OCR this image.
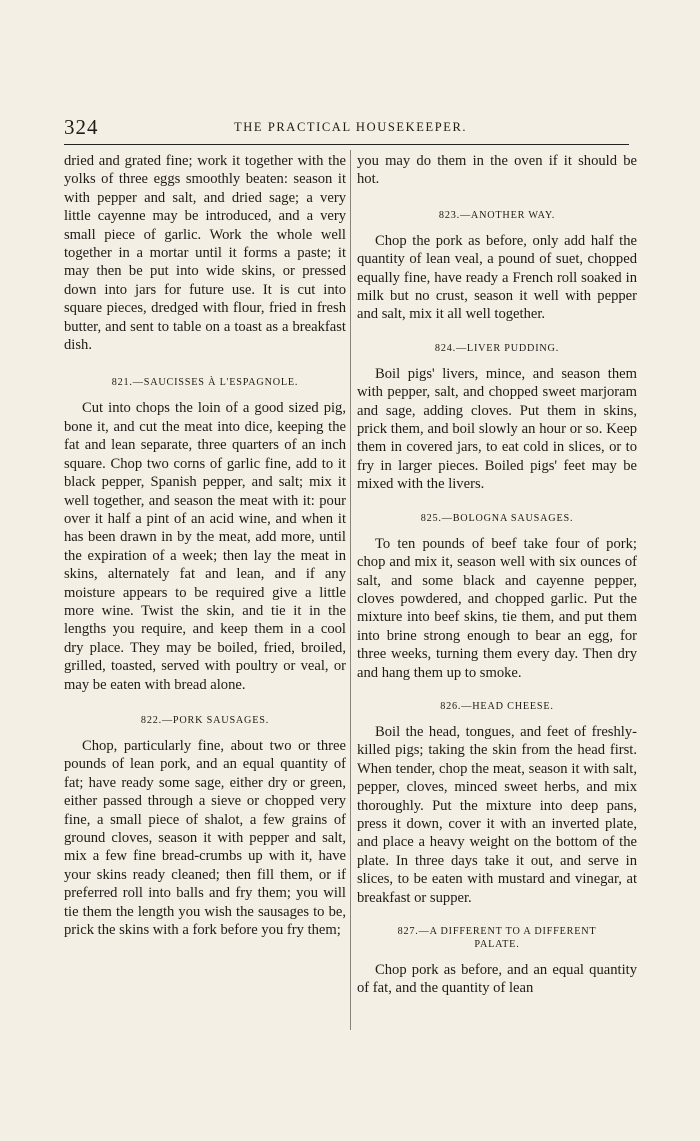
324	THE PRACTICAL HOUSEKEEPER.

dried and grated fine; work it together with the yolks of three eggs smoothly beaten: season it with pepper and salt, and dried sage; a very little cayenne may be introduced, and a very small piece of garlic. Work the whole well together in a mortar until it forms a paste; it may then be put into wide skins, or pressed down into jars for future use. It is cut into square pieces, dredged with flour, fried in fresh butter, and sent to table on a toast as a breakfast dish.

821.—SAUCISSES À L'ESPAGNOLE.

Cut into chops the loin of a good sized pig, bone it, and cut the meat into dice, keeping the fat and lean separate, three quarters of an inch square. Chop two corns of garlic fine, add to it black pepper, Spanish pepper, and salt; mix it well together, and season the meat with it: pour over it half a pint of an acid wine, and when it has been drawn in by the meat, add more, until the expiration of a week; then lay the meat in skins, alternately fat and lean, and if any moisture appears to be required give a little more wine. Twist the skin, and tie it in the lengths you require, and keep them in a cool dry place. They may be boiled, fried, broiled, grilled, toasted, served with poultry or veal, or may be eaten with bread alone.

822.—PORK SAUSAGES.

Chop, particularly fine, about two or three pounds of lean pork, and an equal quantity of fat; have ready some sage, either dry or green, either passed through a sieve or chopped very fine, a small piece of shalot, a few grains of ground cloves, season it with pepper and salt, mix a few fine bread-crumbs up with it, have your skins ready cleaned; then fill them, or if preferred roll into balls and fry them; you will tie them the length you wish the sausages to be, prick the skins with a fork before you fry them;

you may do them in the oven if it should be hot.

823.—ANOTHER WAY.

Chop the pork as before, only add half the quantity of lean veal, a pound of suet, chopped equally fine, have ready a French roll soaked in milk but no crust, season it well with pepper and salt, mix it all well together.

824.—LIVER PUDDING.

Boil pigs' livers, mince, and season them with pepper, salt, and chopped sweet marjoram and sage, adding cloves. Put them in skins, prick them, and boil slowly an hour or so. Keep them in covered jars, to eat cold in slices, or to fry in larger pieces. Boiled pigs' feet may be mixed with the livers.

825.—BOLOGNA SAUSAGES.

To ten pounds of beef take four of pork; chop and mix it, season well with six ounces of salt, and some black and cayenne pepper, cloves powdered, and chopped garlic. Put the mixture into beef skins, tie them, and put them into brine strong enough to bear an egg, for three weeks, turning them every day. Then dry and hang them up to smoke.

826.—HEAD CHEESE.

Boil the head, tongues, and feet of freshly-killed pigs; taking the skin from the head first. When tender, chop the meat, season it with salt, pepper, cloves, minced sweet herbs, and mix thoroughly. Put the mixture into deep pans, press it down, cover it with an inverted plate, and place a heavy weight on the bottom of the plate. In three days take it out, and serve in slices, to be eaten with mustard and vinegar, at breakfast or supper.

827.—A DIFFERENT TO A DIFFERENT PALATE.

Chop pork as before, and an equal quantity of fat, and the quantity of lean
